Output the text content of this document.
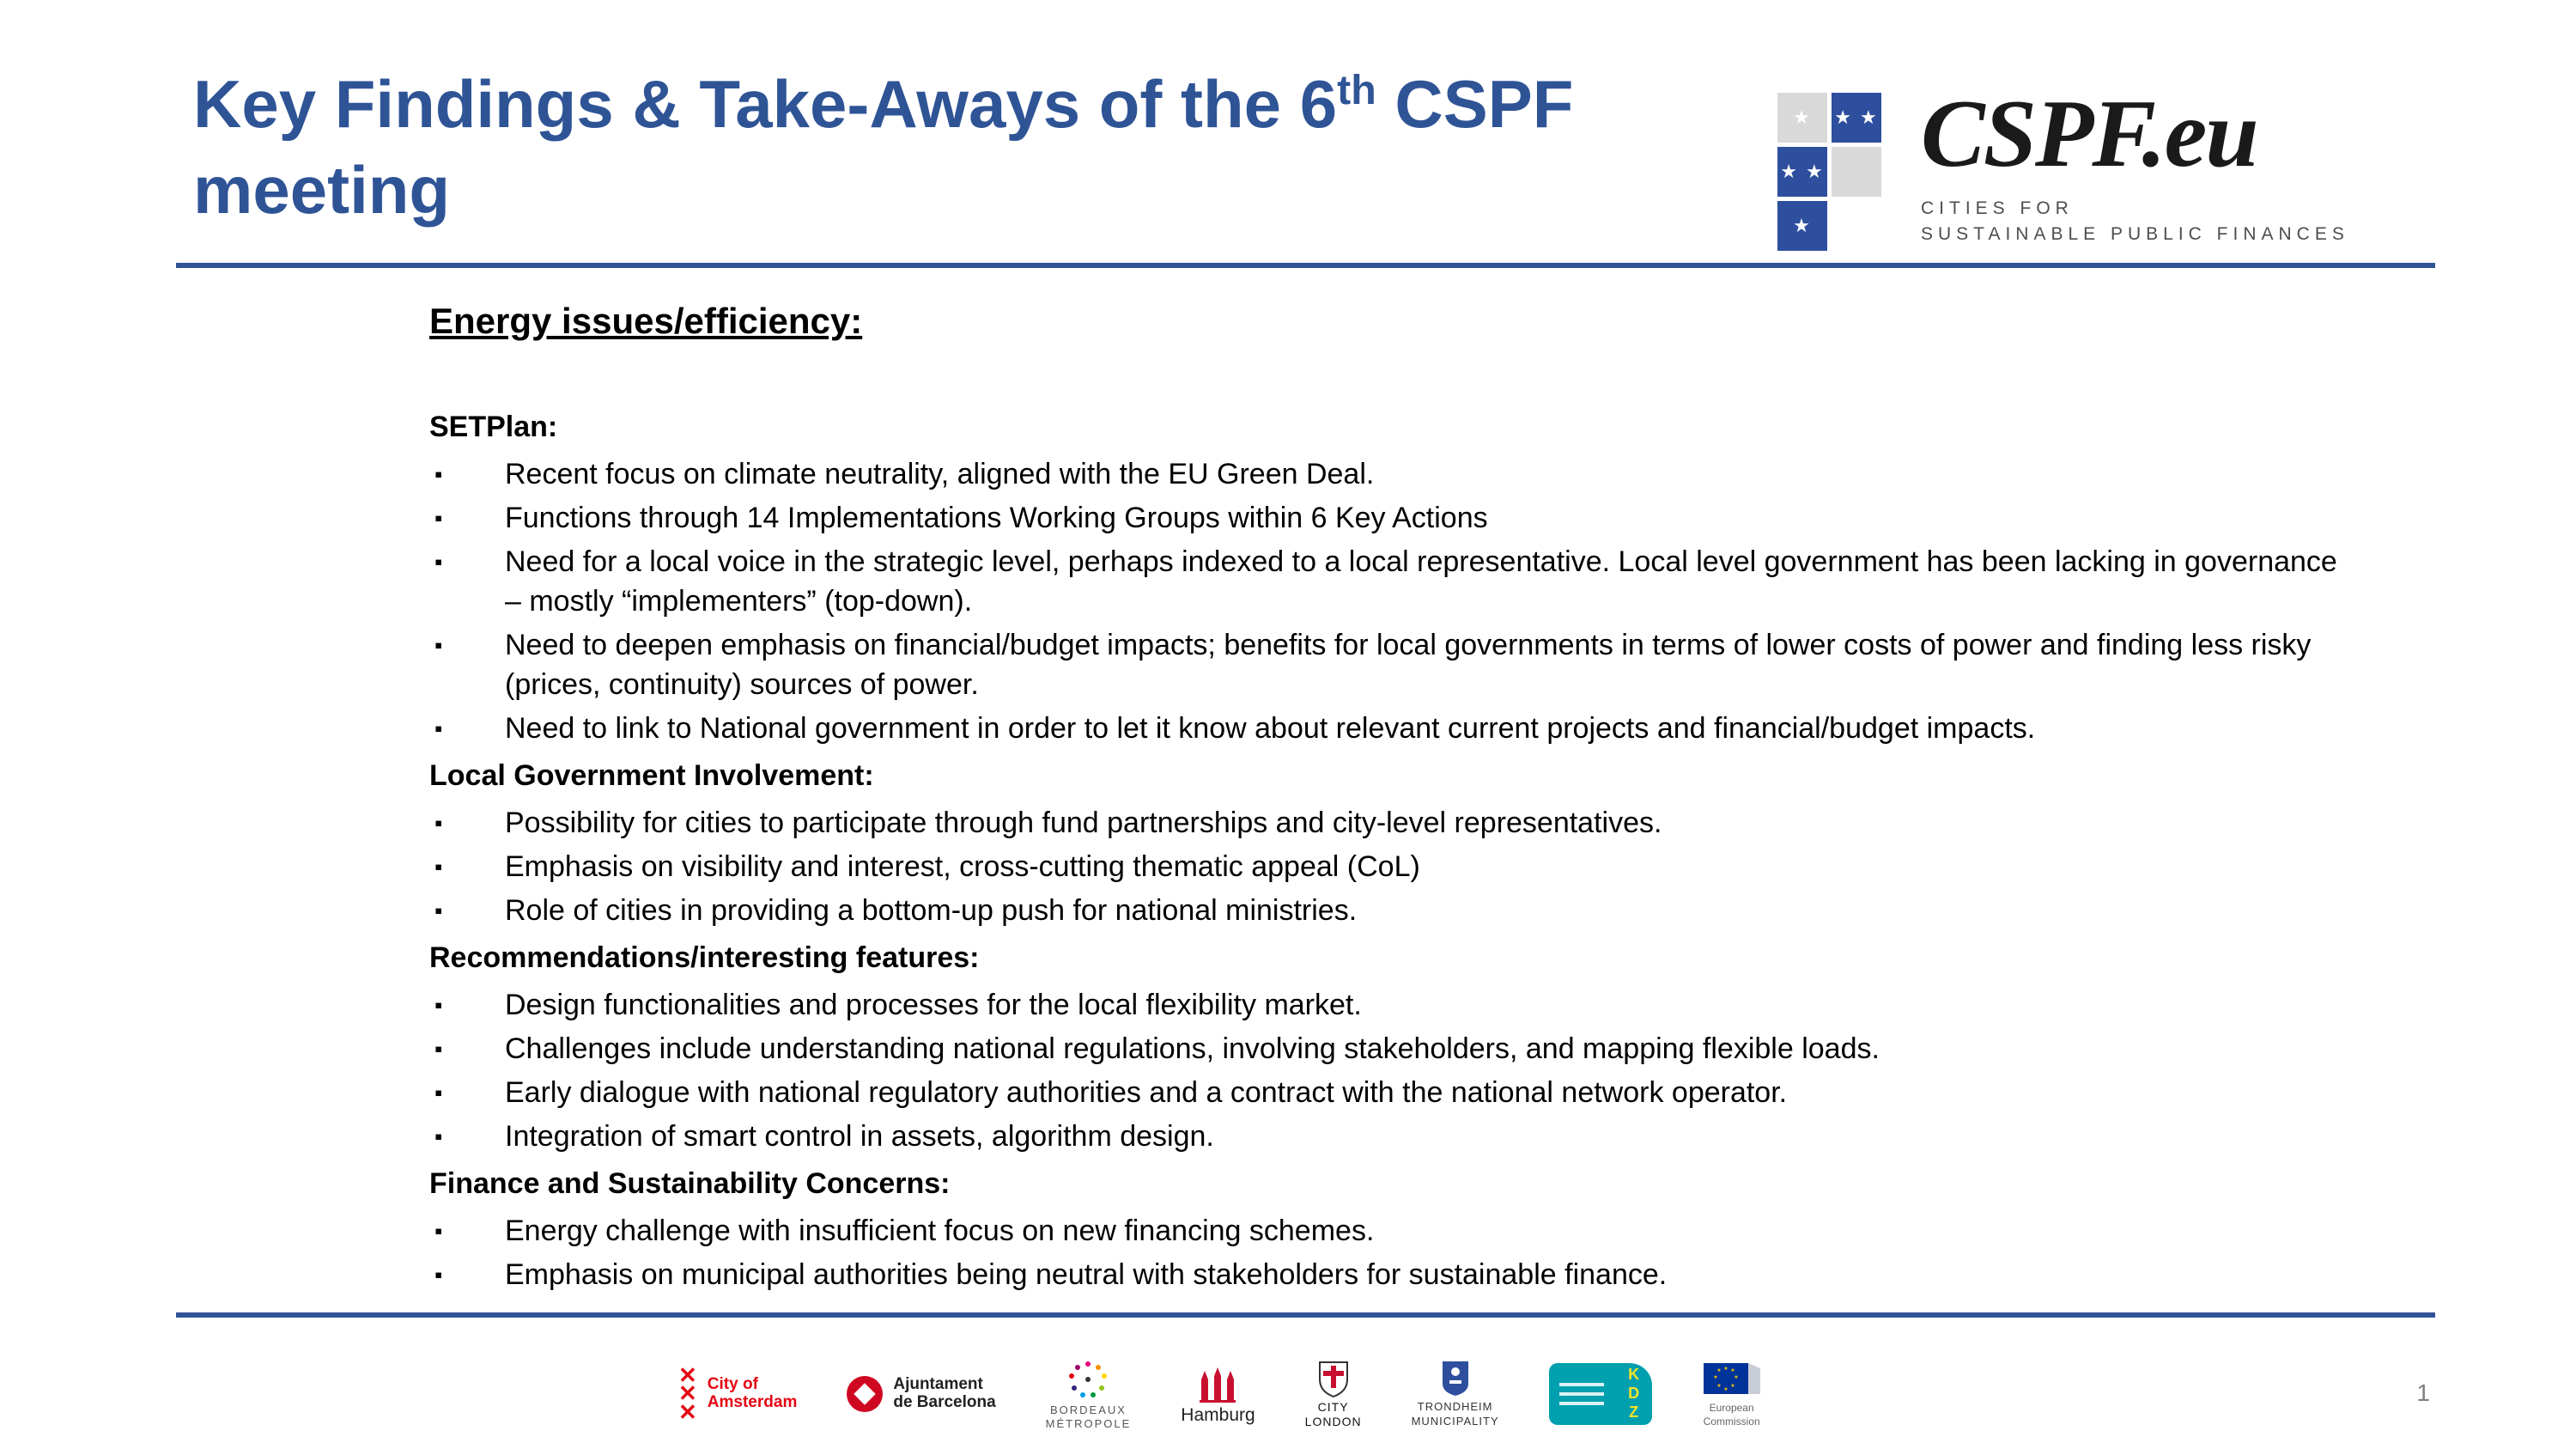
Key Findings & Take-Aways of the 6th CSPF meeting
★ ★ ★
★ ★
★
CSPF.eu
CITIES FOR
SUSTAINABLE PUBLIC FINANCES
Energy issues/efficiency:
SETPlan:
▪ Recent focus on climate neutrality, aligned with the EU Green Deal.
▪ Functions through 14 Implementations Working Groups within 6 Key Actions
▪ Need for a local voice in the strategic level, perhaps indexed to a local representative. Local level government has been lacking in governance – mostly “implementers” (top-down).
▪ Need to deepen emphasis on financial/budget impacts; benefits for local governments in terms of lower costs of power and finding less risky (prices, continuity) sources of power.
▪ Need to link to National government in order to let it know about relevant current projects and financial/budget impacts.
Local Government Involvement:
▪ Possibility for cities to participate through fund partnerships and city-level representatives.
▪ Emphasis on visibility and interest, cross-cutting thematic appeal (CoL)
▪ Role of cities in providing a bottom-up push for national ministries.
Recommendations/interesting features:
▪ Design functionalities and processes for the local flexibility market.
▪ Challenges include understanding national regulations, involving stakeholders, and mapping flexible loads.
▪ Early dialogue with national regulatory authorities and a contract with the national network operator.
▪ Integration of smart control in assets, algorithm design.
Finance and Sustainability Concerns:
▪ Energy challenge with insufficient focus on new financing schemes.
▪ Emphasis on municipal authorities being neutral with stakeholders for sustainable finance.
✕
✕
✕
City of
Amsterdam
Ajuntament
de Barcelona	BORDEAUX
MÉTROPOLE	Hamburg	CITY
LONDON
TRONDHEIM
MUNICIPALITY	KDZ	★ ★
★
★
★
★
★
★
European
Commission
1
